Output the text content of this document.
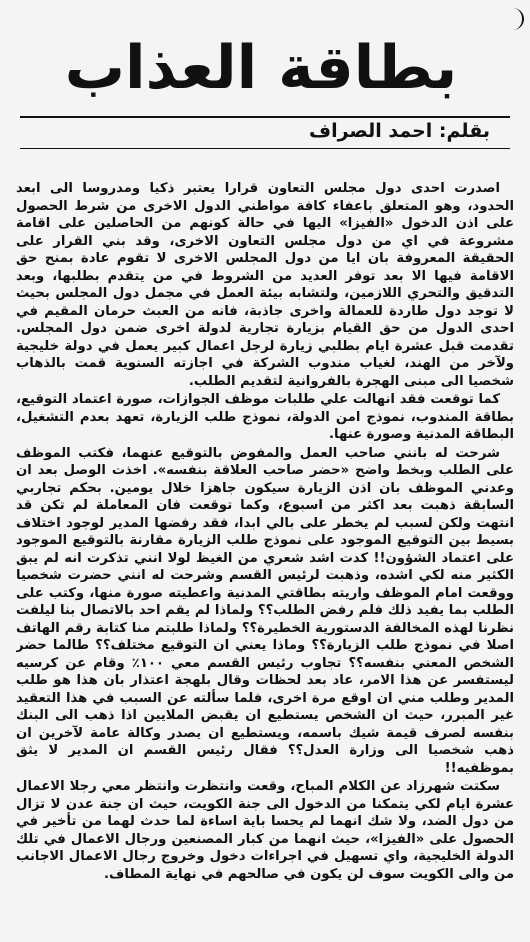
بطاقة العذاب

بقلم: احمد الصراف

اصدرت احدى دول مجلس التعاون قرارا يعتبر ذكيا ومدروسا الى ابعد الحدود، وهو المتعلق باعفاء كافة مواطني الدول الاخرى من شرط الحصول على اذن الدخول «الفيزا» اليها في حالة كونهم من الحاصلين على اقامة مشروعة في اي من دول مجلس التعاون الاخرى، وقد بني القرار على الحقيقة المعروفة بان ايا من دول المجلس الاخرى لا تقوم عادة بمنح حق الاقامة فيها الا بعد توفر العديد من الشروط في من يتقدم بطلبها، وبعد التدقيق والتحري اللازمين، ولتشابه بيئة العمل في مجمل دول المجلس بحيث لا توجد دول طاردة للعمالة واخرى جاذبة، فانه من العبث حرمان المقيم في احدى الدول من حق القيام بزيارة تجارية لدولة اخرى ضمن دول المجلس. تقدمت قبل عشرة ايام بطلبي زيارة لرجل اعمال كبير يعمل في دولة خليجية ولآخر من الهند، لغياب مندوب الشركة في اجازته السنوية قمت بالذهاب شخصيا الى مبنى الهجرة بالفروانية لتقديم الطلب.

كما توقعت فقد انهالت علي طلبات موظف الجوازات، صورة اعتماد التوقيع، بطاقة المندوب، نموذج امن الدولة، نموذج طلب الزيارة، تعهد بعدم التشغيل، البطاقة المدنية وصورة عنها.

شرحت له بانني صاحب العمل والمفوض بالتوقيع عنهما، فكتب الموظف على الطلب وبخط واضح «حضر صاحب العلاقة بنفسه». اخذت الوصل بعد ان وعدني الموظف بان اذن الزيارة سيكون جاهزا خلال يومين. بحكم تجاربي السابقة ذهبت بعد اكثر من اسبوع، وكما توقعت فان المعاملة لم تكن قد انتهت ولكن لسبب لم يخطر على بالي ابدا، فقد رفضها المدير لوجود اختلاف بسيط بين التوقيع الموجود على نموذج طلب الزيارة مقارنة بالتوقيع الموجود على اعتماد الشؤون!! كدت اشد شعري من الغيظ لولا انني تذكرت انه لم يبق الكثير منه لكي اشده، وذهبت لرئيس القسم وشرحت له انني حضرت شخصيا ووقعت امام الموظف واريته بطاقتي المدنية واعطيته صورة منها، وكتب على الطلب بما يفيد ذلك فلم رفض الطلب؟؟ ولماذا لم يقم احد بالاتصال بنا ليلفت نظرنا لهذه المخالفة الدستورية الخطيرة؟؟ ولماذا طلبتم منا كتابة رقم الهاتف اصلا في نموذج طلب الزيارة؟؟ وماذا يعني ان التوقيع مختلف؟؟ طالما حضر الشخص المعني بنفسه؟؟ تجاوب رئيس القسم معي ١٠٠٪ وقام عن كرسيه ليستفسر عن هذا الامر، عاد بعد لحظات وقال بلهجة اعتذار بان هذا هو طلب المدير وطلب مني ان اوقع مرة اخرى، فلما سألته عن السبب في هذا التعقيد غير المبرر، حيث ان الشخص يستطيع ان يقبض الملايين اذا ذهب الى البنك بنفسه لصرف قيمة شيك باسمه، ويستطيع ان يصدر وكالة عامة لآخرين ان ذهب شخصيا الى وزارة العدل؟؟ فقال رئيس القسم ان المدير لا يثق بموظفيه!!

سكتت شهرزاد عن الكلام المباح، وقعت وانتظرت وانتظر معي رجلا الاعمال عشرة ايام لكي يتمكنا من الدخول الى جنة الكويت، حيث ان جنة عدن لا تزال من دول الضد، ولا شك انهما لم يحسا باية اساءة لما حدث لهما من تأخير في الحصول على «الفيزا»، حيث انهما من كبار المصنعين ورجال الاعمال في تلك الدولة الخليجية، واي تسهيل في اجراءات دخول وخروج رجال الاعمال الاجانب من والى الكويت سوف لن يكون في صالحهم في نهاية المطاف.
